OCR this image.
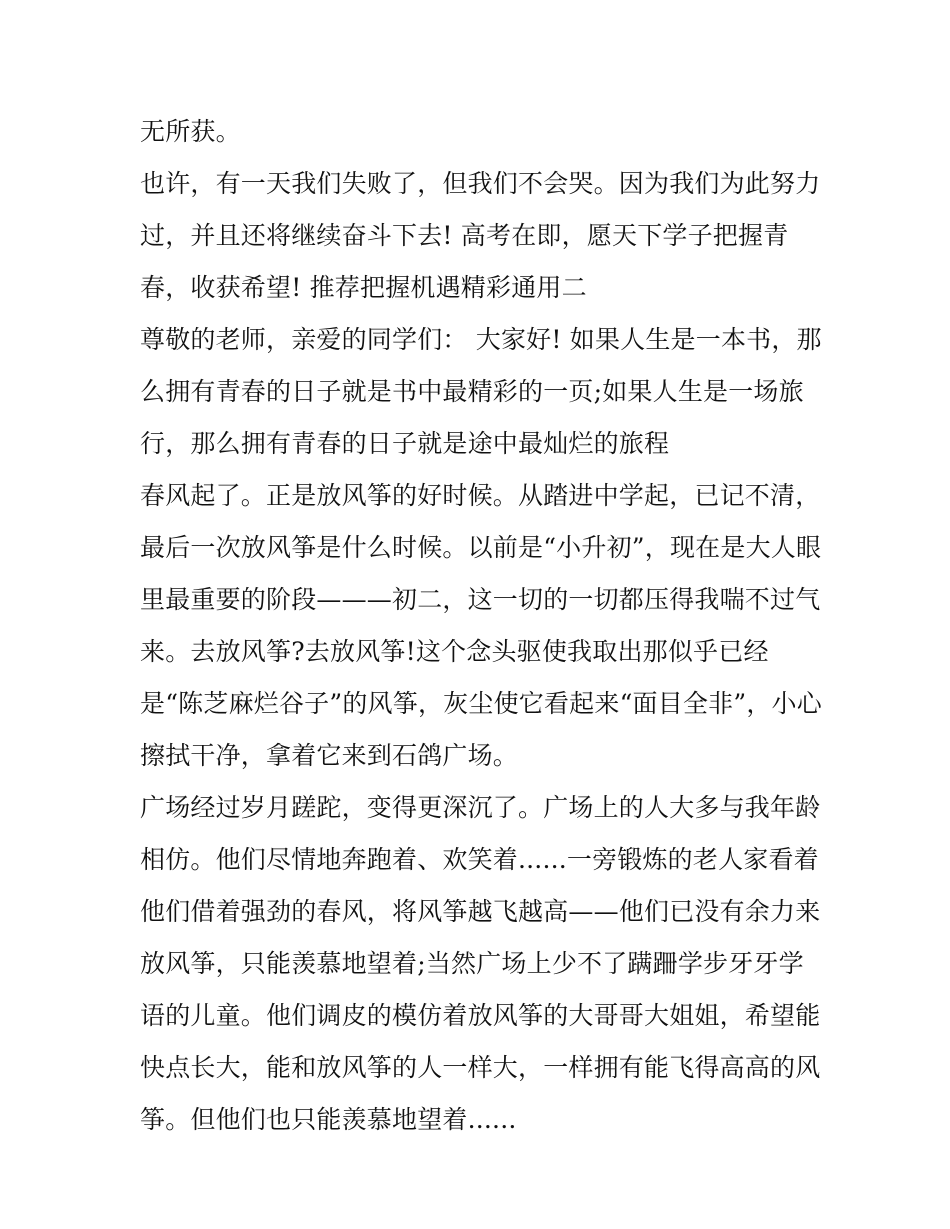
无所获。
也许，有一天我们失败了，但我们不会哭。因为我们为此努力
过，并且还将继续奋斗下去! 高考在即，愿天下学子把握青
春，收获希望! 推荐把握机遇精彩通用二
尊敬的老师，亲爱的同学们： 大家好! 如果人生是一本书，那
么拥有青春的日子就是书中最精彩的一页;如果人生是一场旅
行，那么拥有青春的日子就是途中最灿烂的旅程
春风起了。正是放风筝的好时候。从踏进中学起，已记不清，
最后一次放风筝是什么时候。以前是“小升初”，现在是大人眼
里最重要的阶段———初二，这一切的一切都压得我喘不过气
来。去放风筝?去放风筝!这个念头驱使我取出那似乎已经
是“陈芝麻烂谷子”的风筝，灰尘使它看起来“面目全非”，小心
擦拭干净，拿着它来到石鸽广场。
广场经过岁月蹉跎，变得更深沉了。广场上的人大多与我年龄
相仿。他们尽情地奔跑着、欢笑着......一旁锻炼的老人家看着
他们借着强劲的春风，将风筝越飞越高——他们已没有余力来
放风筝，只能羡慕地望着;当然广场上少不了蹒跚学步牙牙学
语的儿童。他们调皮的模仿着放风筝的大哥哥大姐姐，希望能
快点长大，能和放风筝的人一样大，一样拥有能飞得高高的风
筝。但他们也只能羡慕地望着......
